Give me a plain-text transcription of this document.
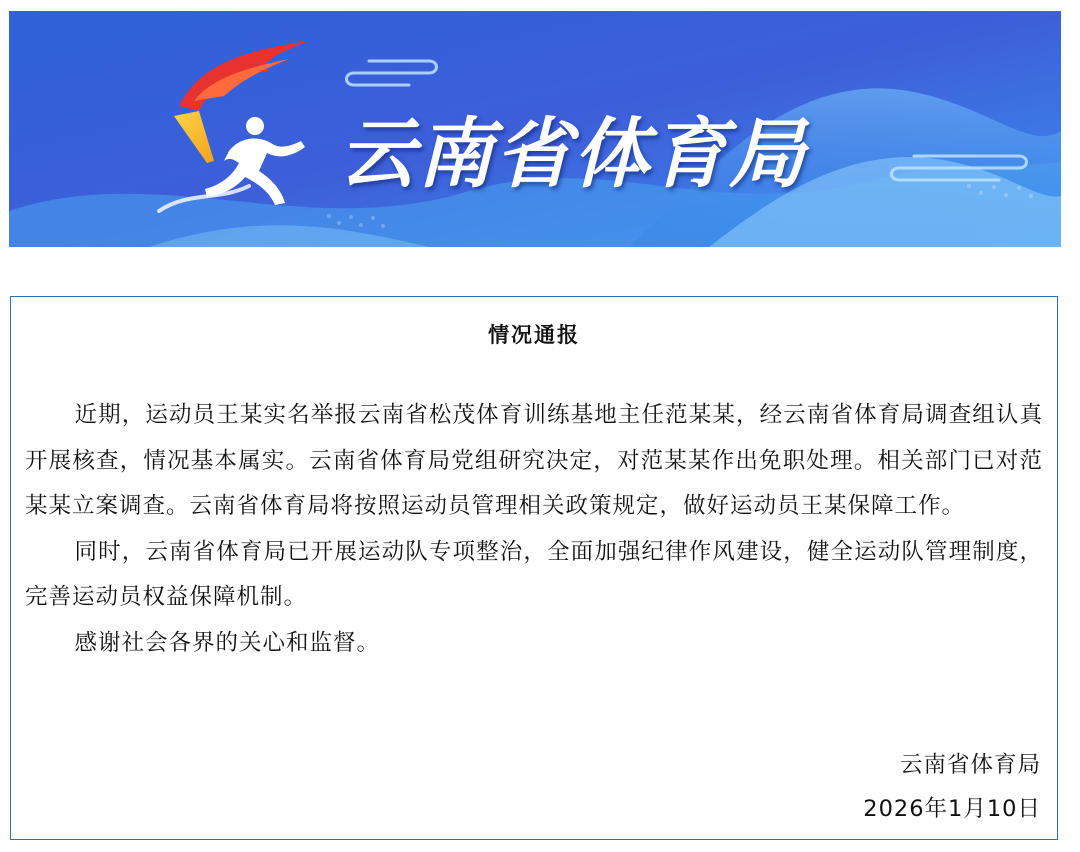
云南省体育局
情况通报

近期，运动员王某实名举报云南省松茂体育训练基地主任范某某，经云南省体育局调查组认真开展核查，情况基本属实。云南省体育局党组研究决定，对范某某作出免职处理。相关部门已对范某某立案调查。云南省体育局将按照运动员管理相关政策规定，做好运动员王某保障工作。

同时，云南省体育局已开展运动队专项整治，全面加强纪律作风建设，健全运动队管理制度，完善运动员权益保障机制。

感谢社会各界的关心和监督。

云南省体育局
2026年1月10日
